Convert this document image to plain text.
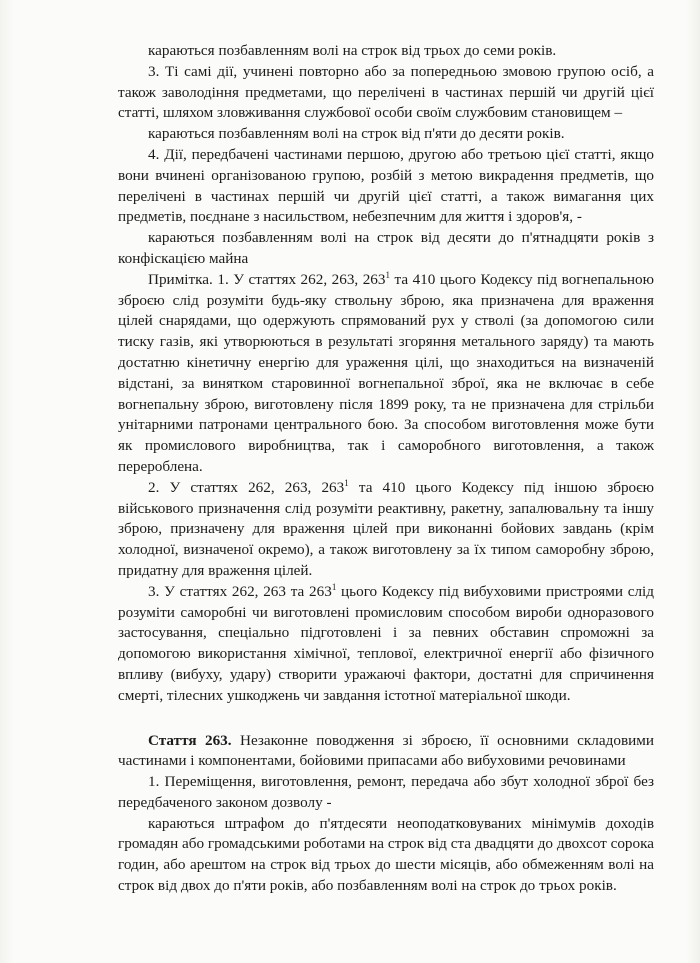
караються позбавленням волі на строк від трьох до семи років.

3. Ті самі дії, учинені повторно або за попередньою змовою групою осіб, а також заволодіння предметами, що перелічені в частинах першій чи другій цієї статті, шляхом зловживання службової особи своїм службовим становищем –

караються позбавленням волі на строк від п'яти до десяти років.

4. Дії, передбачені частинами першою, другою або третьою цієї статті, якщо вони вчинені організованою групою, розбій з метою викрадення предметів, що перелічені в частинах першій чи другій цієї статті, а також вимагання цих предметів, поєднане з насильством, небезпечним для життя і здоров'я, -

караються позбавленням волі на строк від десяти до п'ятнадцяти років з конфіскацією майна

Примітка. 1. У статтях 262, 263, $263^1$ та 410 цього Кодексу під вогнепальною зброєю слід розуміти будь-яку ствольну зброю, яка призначена для враження цілей снарядами, що одержують спрямований рух у стволі (за допомогою сили тиску газів, які утворюються в результаті згоряння метального заряду) та мають достатню кінетичну енергію для ураження цілі, що знаходиться на визначеній відстані, за винятком старовинної вогнепальної зброї, яка не включає в себе вогнепальну зброю, виготовлену після 1899 року, та не призначена для стрільби унітарними патронами центрального бою. За способом виготовлення може бути як промислового виробництва, так і саморобного виготовлення, а також перероблена.

2. У статтях 262, 263, $263^1$ та 410 цього Кодексу під іншою зброєю військового призначення слід розуміти реактивну, ракетну, запалювальну та іншу зброю, призначену для враження цілей при виконанні бойових завдань (крім холодної, визначеної окремо), а також виготовлену за їх типом саморобну зброю, придатну для враження цілей.

3. У статтях 262, 263 та $263^1$ цього Кодексу під вибуховими пристроями слід розуміти саморобні чи виготовлені промисловим способом вироби одноразового застосування, спеціально підготовлені і за певних обставин спроможні за допомогою використання хімічної, теплової, електричної енергії або фізичного впливу (вибуху, удару) створити уражаючі фактори, достатні для спричинення смерті, тілесних ушкоджень чи завдання істотної матеріальної шкоди.

Стаття 263. Незаконне поводження зі зброєю, її основними складовими частинами і компонентами, бойовими припасами або вибуховими речовинами

1. Переміщення, виготовлення, ремонт, передача або збут холодної зброї без передбаченого законом дозволу -

караються штрафом до п'ятдесяти неоподатковуваних мінімумів доходів громадян або громадськими роботами на строк від ста двадцяти до двохсот сорока годин, або арештом на строк від трьох до шести місяців, або обмеженням волі на строк від двох до п'яти років, або позбавленням волі на строк до трьох років.
